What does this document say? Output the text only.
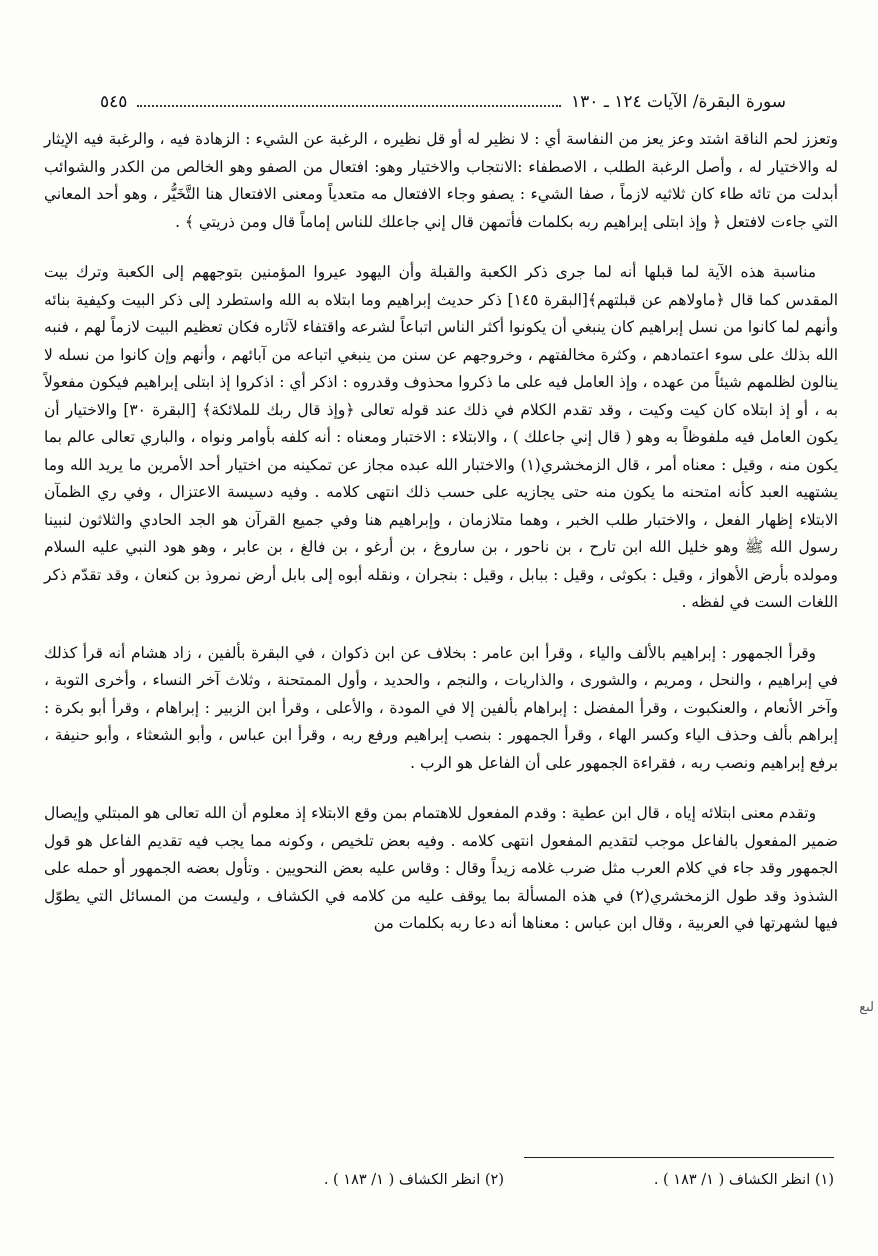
سورة البقرة/ الآيات ١٢٤ ـ ١٣٠
٥٤٥

وتعزز لحم الناقة اشتد وعز يعز من النفاسة أي : لا نظير له أو قل نظيره ، الرغبة عن الشيء : الزهادة فيه ، والرغبة فيه الإيثار له والاختيار له ، وأصل الرغبة الطلب ، الاصطفاء :الانتجاب والاختيار وهو: افتعال من الصفو وهو الخالص من الكدر والشوائب أبدلت من تائه طاء كان ثلاثيه لازماً ، صفا الشيء : يصفو وجاء الافتعال مه متعدياً ومعنى الافتعال هنا التَّخَيُّر ، وهو أحد المعاني التي جاءت لافتعل ﴿ وإذ ابتلى إبراهيم ربه بكلمات فأتمهن قال إني جاعلك للناس إماماً قال ومن ذريتي ﴾ .

مناسبة هذه الآية لما قبلها أنه لما جرى ذكر الكعبة والقبلة وأن اليهود عيروا المؤمنين بتوجههم إلى الكعبة وترك بيت المقدس كما قال ﴿ماولاهم عن قبلتهم﴾[البقرة ١٤٥] ذكر حديث إبراهيم وما ابتلاه به الله واستطرد إلى ذكر البيت وكيفية بنائه وأنهم لما كانوا من نسل إبراهيم كان ينبغي أن يكونوا أكثر الناس اتباعاً لشرعه واقتفاء لآثاره فكان تعظيم البيت لازماً لهم ، فنبه الله بذلك على سوء اعتمادهم ، وكثرة مخالفتهم ، وخروجهم عن سنن من ينبغي اتباعه من آبائهم ، وأنهم وإن كانوا من نسله لا ينالون لظلمهم شيئاً من عهده ، وإذ العامل فيه على ما ذكروا محذوف وقدروه : اذكر أي : اذكروا إذ ابتلى إبراهيم فيكون مفعولاً به ، أو إذ ابتلاه كان كيت وكيت ، وقد تقدم الكلام في ذلك عند قوله تعالى ﴿وإذ قال ربك للملائكة﴾ [البقرة ٣٠] والاختيار أن يكون العامل فيه ملفوظاً به وهو ( قال إني جاعلك ) ، والابتلاء : الاختبار ومعناه : أنه كلفه بأوامر ونواه ، والباري تعالى عالم بما يكون منه ، وقيل : معناه أمر ، قال الزمخشري(١) والاختبار الله عبده مجاز عن تمكينه من اختيار أحد الأمرين ما يريد الله وما يشتهيه العبد كأنه امتحنه ما يكون منه حتى يجازيه على حسب ذلك انتهى كلامه . وفيه دسيسة الاعتزال ، وفي ري الظمآن الابتلاء إظهار الفعل ، والاختبار طلب الخبر ، وهما متلازمان ، وإبراهيم هنا وفي جميع القرآن هو الجد الحادي والثلاثون لنبينا رسول الله ﷺ وهو خليل الله ابن تارح ، بن ناحور ، بن ساروغ ، بن أرغو ، بن فالغ ، بن عابر ، وهو هود النبي عليه السلام ومولده بأرض الأهواز ، وقيل : بكوثى ، وقيل : ببابل ، وقيل : بنجران ، ونقله أبوه إلى بابل أرض نمروذ بن كنعان ، وقد تقدّم ذكر اللغات الست في لفظه .

وقرأ الجمهور : إبراهيم بالألف والياء ، وقرأ ابن عامر : بخلاف عن ابن ذكوان ، في البقرة بألفين ، زاد هشام أنه قرأ كذلك في إبراهيم ، والنحل ، ومريم ، والشورى ، والذاريات ، والنجم ، والحديد ، وأول الممتحنة ، وثلاث آخر النساء ، وأخرى التوبة ، وآخر الأنعام ، والعنكبوت ، وقرأ المفضل : إبراهام بألفين إلا في المودة ، والأعلى ، وقرأ ابن الزبير : إبراهام ، وقرأ أبو بكرة : إبراهم بألف وحذف الياء وكسر الهاء ، وقرأ الجمهور : بنصب إبراهيم ورفع ربه ، وقرأ ابن عباس ، وأبو الشعثاء ، وأبو حنيفة ، برفع إبراهيم ونصب ربه ، فقراءة الجمهور على أن الفاعل هو الرب .

وتقدم معنى ابتلائه إياه ، قال ابن عطية : وقدم المفعول للاهتمام بمن وقع الابتلاء إذ معلوم أن الله تعالى هو المبتلي وإيصال ضمير المفعول بالفاعل موجب لتقديم المفعول انتهى كلامه . وفيه بعض تلخيص ، وكونه مما يجب فيه تقديم الفاعل هو قول الجمهور وقد جاء في كلام العرب مثل ضرب غلامه زيداً وقال : وقاس عليه بعض النحويين . وتأول بعضه الجمهور أو حمله على الشذوذ وقد طول الزمخشري(٢) في هذه المسألة بما يوقف عليه من كلامه في الكشاف ، وليست من المسائل التي يطوّل فيها لشهرتها في العربية ، وقال ابن عباس : معناها أنه دعا ربه بكلمات من

لىع
(١) انظر الكشاف ( ١/ ١٨٣ ) .
(٢) انظر الكشاف ( ١/ ١٨٣ ) .
